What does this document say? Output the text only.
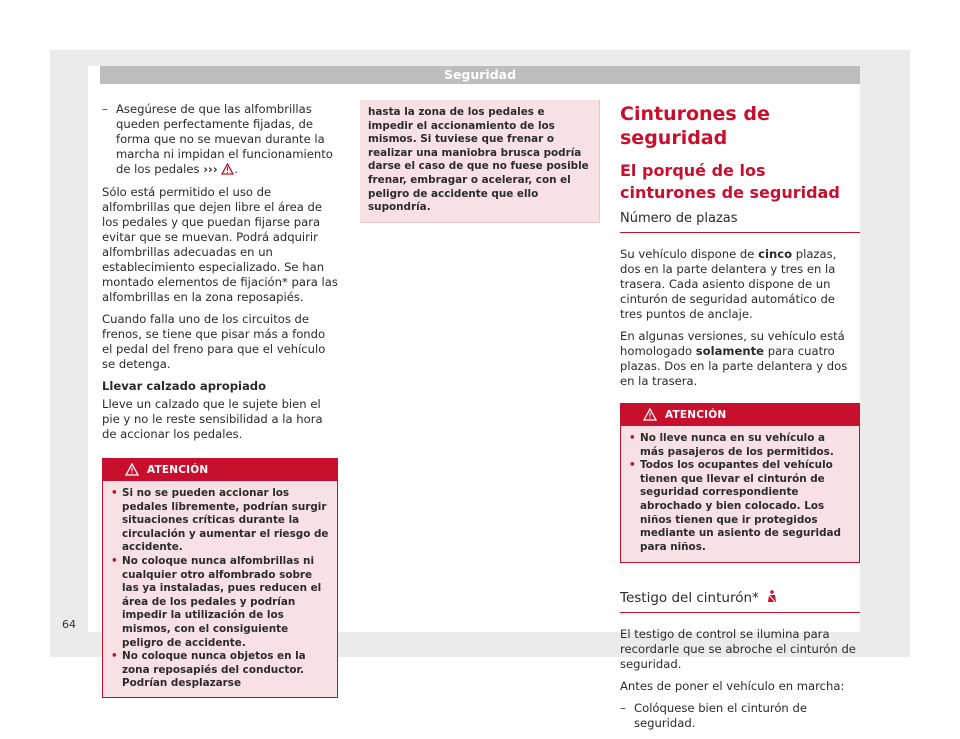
Seguridad
– Asegúrese de que las alfombrillas queden perfectamente fijadas, de forma que no se muevan durante la marcha ni impidan el funcionamiento de los pedales ››› .

Sólo está permitido el uso de alfombrillas que dejen libre el área de los pedales y que puedan fijarse para evitar que se muevan. Podrá adquirir alfombrillas adecuadas en un establecimiento especializado. Se han montado elementos de fijación* para las alfombrillas en la zona reposapiés.

Cuando falla uno de los circuitos de frenos, se tiene que pisar más a fondo el pedal del freno para que el vehículo se detenga.

Llevar calzado apropiado

Lleve un calzado que le sujete bien el pie y no le reste sensibilidad a la hora de accionar los pedales.

ATENCIÓN
• Si no se pueden accionar los pedales libremente, podrían surgir situaciones críticas durante la circulación y aumentar el riesgo de accidente.
• No coloque nunca alfombrillas ni cualquier otro alfombrado sobre las ya instaladas, pues reducen el área de los pedales y podrían impedir la utilización de los mismos, con el consiguiente peligro de accidente.
• No coloque nunca objetos en la zona reposapiés del conductor. Podrían desplazarse
hasta la zona de los pedales e impedir el accionamiento de los mismos. Si tuviese que frenar o realizar una maniobra brusca podría darse el caso de que no fuese posible frenar, embragar o acelerar, con el peligro de accidente que ello supondría.
Cinturones de seguridad
El porqué de los cinturones de seguridad
Número de plazas

Su vehículo dispone de cinco plazas, dos en la parte delantera y tres en la trasera. Cada asiento dispone de un cinturón de seguridad automático de tres puntos de anclaje.

En algunas versiones, su vehículo está homologado solamente para cuatro plazas. Dos en la parte delantera y dos en la trasera.

ATENCIÓN
• No lleve nunca en su vehículo a más pasajeros de los permitidos.
• Todos los ocupantes del vehículo tienen que llevar el cinturón de seguridad correspondiente abrochado y bien colocado. Los niños tienen que ir protegidos mediante un asiento de seguridad para niños.
Testigo del cinturón*

El testigo de control se ilumina para recordarle que se abroche el cinturón de seguridad.

Antes de poner el vehículo en marcha:

– Colóquese bien el cinturón de seguridad.
64
